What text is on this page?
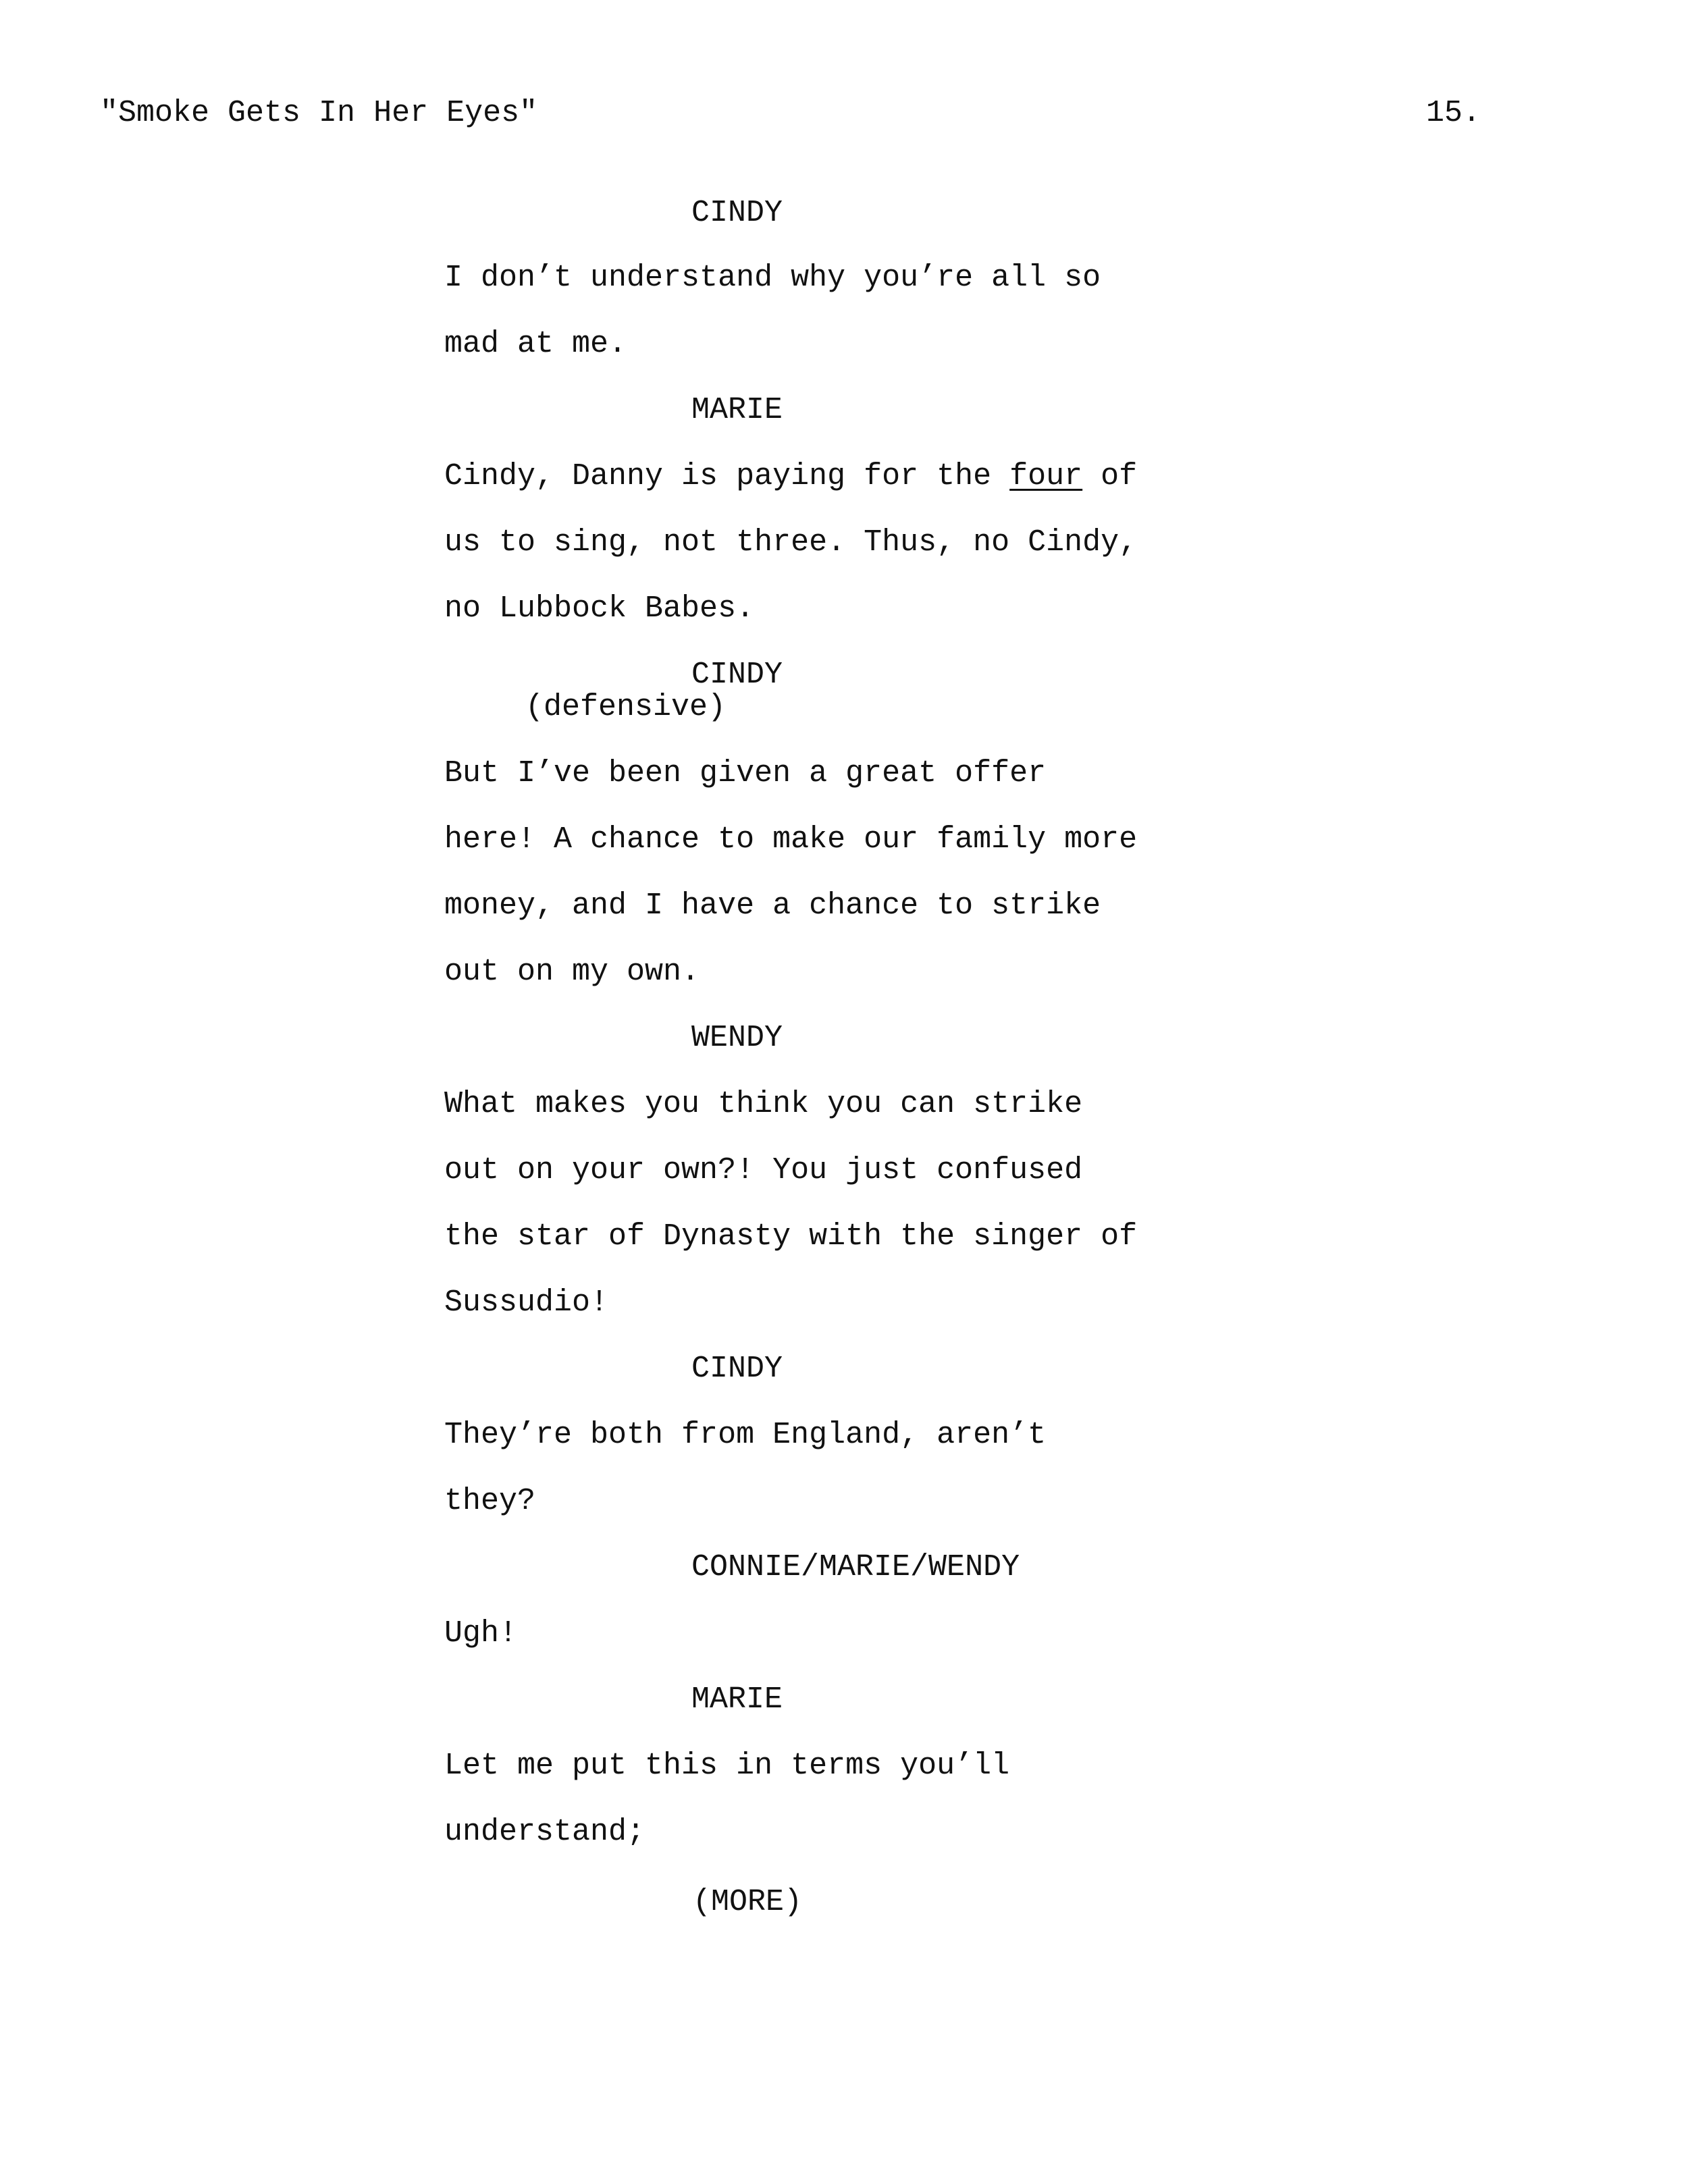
"Smoke Gets In Her Eyes"	15.
CINDY
I don’t understand why you’re all so
mad at me.
MARIE
Cindy, Danny is paying for the four of
us to sing, not three. Thus, no Cindy,
no Lubbock Babes.
CINDY
(defensive)
But I’ve been given a great offer
here! A chance to make our family more
money, and I have a chance to strike
out on my own.
WENDY
What makes you think you can strike
out on your own?! You just confused
the star of Dynasty with the singer of
Sussudio!
CINDY
They’re both from England, aren’t
they?
CONNIE/MARIE/WENDY
Ugh!
MARIE
Let me put this in terms you’ll
understand;
(MORE)
